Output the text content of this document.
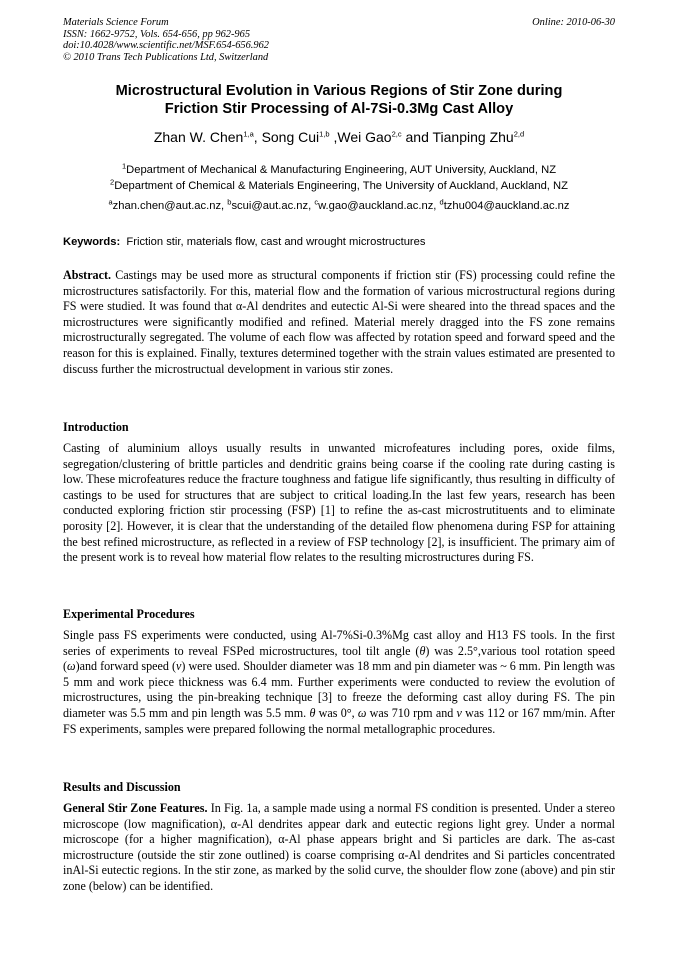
Materials Science Forum
ISSN: 1662-9752, Vols. 654-656, pp 962-965
doi:10.4028/www.scientific.net/MSF.654-656.962
© 2010 Trans Tech Publications Ltd, Switzerland
Online: 2010-06-30
Microstructural Evolution in Various Regions of Stir Zone during
Friction Stir Processing of Al-7Si-0.3Mg Cast Alloy
Zhan W. Chen$^{1,a}$, Song Cui$^{1,b}$ ,Wei Gao$^{2,c}$ and Tianping Zhu$^{2,d}$
$^1$Department of Mechanical & Manufacturing Engineering, AUT University, Auckland, NZ
$^2$Department of Chemical & Materials Engineering, The University of Auckland, Auckland, NZ
$^a$zhan.chen@aut.ac.nz, $^b$scui@aut.ac.nz, $^c$w.gao@auckland.ac.nz, $^d$tzhu004@auckland.ac.nz
Keywords: Friction stir, materials flow, cast and wrought microstructures
Abstract. Castings may be used more as structural components if friction stir (FS) processing could refine the microstructures satisfactorily. For this, material flow and the formation of various microstructural regions during FS were studied. It was found that α-Al dendrites and eutectic Al-Si were sheared into the thread spaces and the microstructures were significantly modified and refined. Material merely dragged into the FS zone remains microstructurally segregated. The volume of each flow was affected by rotation speed and forward speed and the reason for this is explained. Finally, textures determined together with the strain values estimated are presented to discuss further the microstructual development in various stir zones.
Introduction
Casting of aluminium alloys usually results in unwanted microfeatures including pores, oxide films, segregation/clustering of brittle particles and dendritic grains being coarse if the cooling rate during casting is low. These microfeatures reduce the fracture toughness and fatigue life significantly, thus resulting in difficulty of castings to be used for structures that are subject to critical loading.In the last few years, research has been conducted exploring friction stir processing (FSP) [1] to refine the as-cast microstrutituents and to eliminate porosity [2]. However, it is clear that the understanding of the detailed flow phenomena during FSP for attaining the best refined microstructure, as reflected in a review of FSP technology [2], is insufficient. The primary aim of the present work is to reveal how material flow relates to the resulting microstructures during FS.
Experimental Procedures
Single pass FS experiments were conducted, using Al-7%Si-0.3%Mg cast alloy and H13 FS tools. In the first series of experiments to reveal FSPed microstructures, tool tilt angle (θ) was 2.5°,various tool rotation speed (ω)and forward speed (v) were used. Shoulder diameter was 18 mm and pin diameter was ~ 6 mm. Pin length was 5 mm and work piece thickness was 6.4 mm. Further experiments were conducted to review the evolution of microstructures, using the pin-breaking technique [3] to freeze the deforming cast alloy during FS. The pin diameter was 5.5 mm and pin length was 5.5 mm. θ was 0°, ω was 710 rpm and v was 112 or 167 mm/min. After FS experiments, samples were prepared following the normal metallographic procedures.
Results and Discussion
General Stir Zone Features. In Fig. 1a, a sample made using a normal FS condition is presented. Under a stereo microscope (low magnification), α-Al dendrites appear dark and eutectic regions light grey. Under a normal microscope (for a higher magnification), α-Al phase appears bright and Si particles are dark. The as-cast microstructure (outside the stir zone outlined) is coarse comprising α-Al dendrites and Si particles concentrated inAl-Si eutectic regions. In the stir zone, as marked by the solid curve, the shoulder flow zone (above) and pin stir zone (below) can be identified.
